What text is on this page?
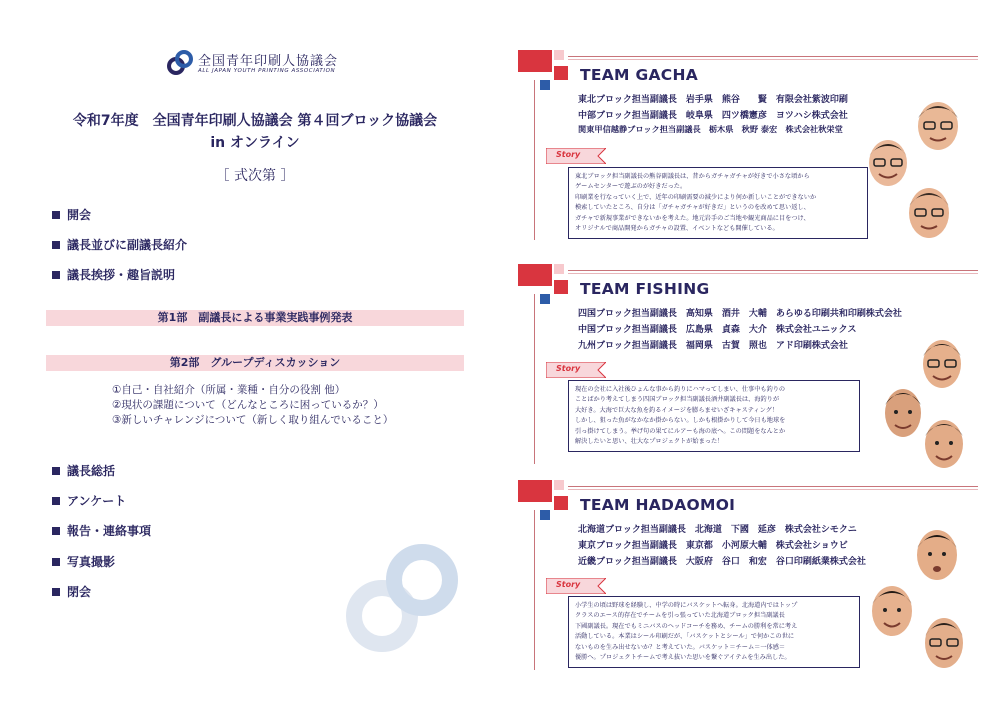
全国青年印刷人協議会
ALL JAPAN YOUTH PRINTING ASSOCIATION
令和7年度　全国青年印刷人協議会 第４回ブロック協議会
in オンライン
［ 式次第 ］
開会
議長並びに副議長紹介
議長挨拶・趣旨説明
第1部　副議長による事業実践事例発表
第2部　グループディスカッション
①自己・自社紹介（所属・業種・自分の役割 他）
②現状の課題について（どんなところに困っているか？）
③新しいチャレンジについて（新しく取り組んでいること）
議長総括
アンケート
報告・連絡事項
写真撮影
閉会
TEAM GACHA
東北ブロック担当副議長　 岩手県　 熊谷　　賢　 有限会社紫波印刷
中部ブロック担当副議長　 岐阜県　 四ツ橋憲彦　 ヨツハシ株式会社
関東甲信越静ブロック担当副議長　 栃木県　 秋野 泰宏　 株式会社秋栄堂
Story

東北ブロック担当副議長の熊谷副議長は、昔からガチャガチャが好きで小さな頃から

ゲームセンターで遊ぶのが好きだった。

印刷業を行なっていく上で、近年の印刷需要の減少により何か新しいことができないか

模索していたところ、自分は「ガチャガチャが好きだ」というのを改めて思い返し、

ガチャで新規事業ができないかを考えた。地元岩手のご当地や観光商品に目をつけ、

オリジナルで商品開発からガチャの設置、イベントなども開催している。

TEAM FISHING
四国ブロック担当副議長　 高知県　 酒井　大輔　 あらゆる印刷共和印刷株式会社
中国ブロック担当副議長　 広島県　 貞森　大介　 株式会社ユニックス
九州ブロック担当副議長　 福岡県　 古賀　照也　 アド印刷株式会社
Story

現在の会社に入社後ひょんな事から釣りにハマってしまい、仕事中も釣りの

ことばかり考えてしまう四国ブロック担当副議長酒井副議長は、海釣りが

大好き。大海で巨大な魚を釣るイメージを膨らませいざキャスティング！

しかし、狙った魚がなかなか掛からない。しかも根掛かりして今日も地球を

引っ掛けてしまう。挙げ句の果てにルアーも海の底へ。この問題をなんとか

解決したいと思い、壮大なプロジェクトが始まった！

TEAM HADAOMOI
北海道ブロック担当副議長　 北海道　 下國　延彦　 株式会社シモクニ
東京ブロック担当副議長　 東京都　 小河原大輔　 株式会社ショウビ
近畿ブロック担当副議長　 大阪府　 谷口　和宏　 谷口印刷紙業株式会社
Story

小学生の頃は野球を経験し、中学の時にバスケットへ転身。北海道内ではトップ

クラスのエース的存在でチームを引っ張っていた北海道ブロック担当副議長

下國副議長。現在でもミニバスのヘッドコーチを務め、チームの勝利を常に考え

活動している。本業はシール印刷だが、「バスケットとシール」で何かこの世に

ないものを生み出せないか？と考えていた。バスケット＝チーム＝一体感＝

優勝へ。プロジェクトチームで考え抜いた思いを繋ぐアイテムを生み出した。
